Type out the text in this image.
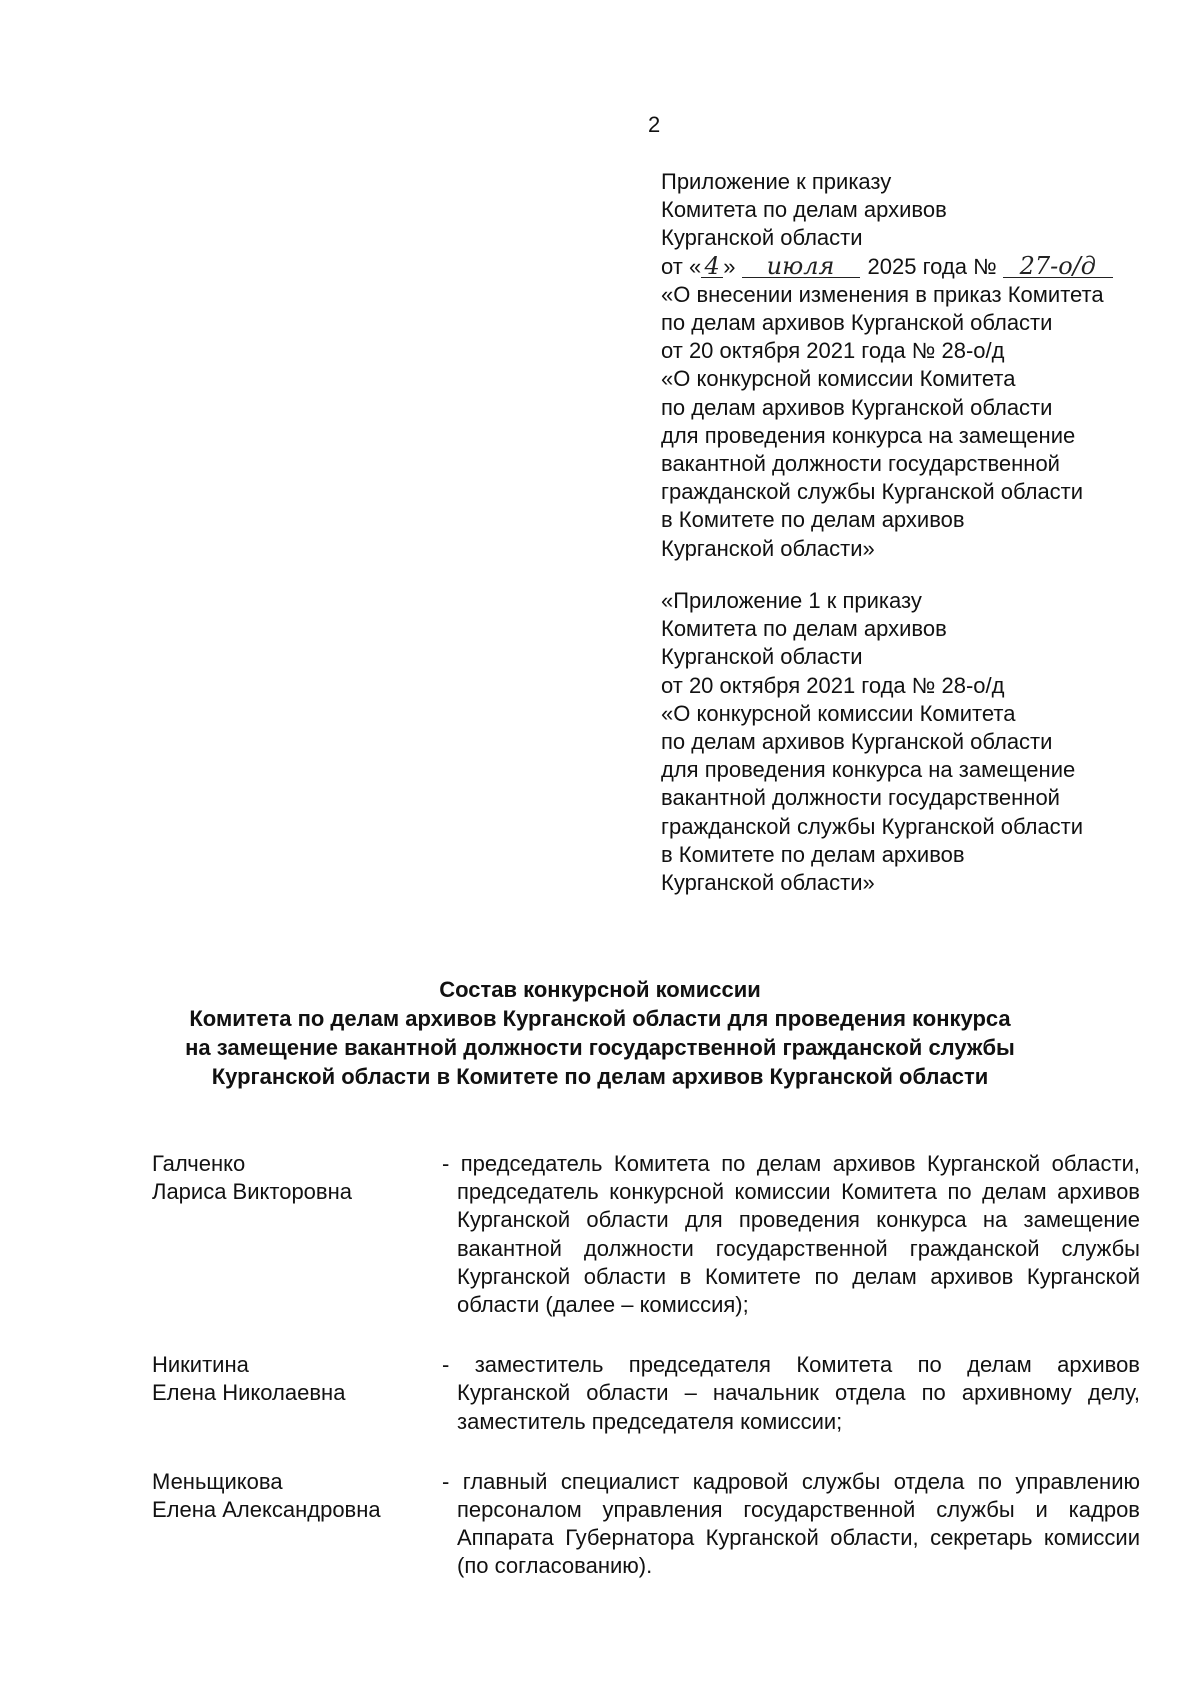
2
Приложение к приказу
Комитета по делам архивов
Курганской области
от « 4 » июля 2025 года № 27-о/д
«О внесении изменения в приказ Комитета
по делам архивов Курганской области
от 20 октября 2021 года № 28-о/д
«О конкурсной комиссии Комитета
по делам архивов Курганской области
для проведения конкурса на замещение
вакантной должности государственной
гражданской службы Курганской области
в Комитете по делам архивов
Курганской области»
«Приложение 1 к приказу
Комитета по делам архивов
Курганской области
от 20 октября 2021 года № 28-о/д
«О конкурсной комиссии Комитета
по делам архивов Курганской области
для проведения конкурса на замещение
вакантной должности государственной
гражданской службы Курганской области
в Комитете по делам архивов
Курганской области»
Состав конкурсной комиссии
Комитета по делам архивов Курганской области для проведения конкурса
на замещение вакантной должности государственной гражданской службы
Курганской области в Комитете по делам архивов Курганской области
Галченко
Лариса Викторовна
- председатель Комитета по делам архивов Курганской области, председатель конкурсной комиссии Комитета по делам архивов Курганской области для проведения конкурса на замещение вакантной должности государственной гражданской службы Курганской области в Комитете по делам архивов Курганской области (далее – комиссия);
Никитина
Елена Николаевна
- заместитель председателя Комитета по делам архивов Курганской области – начальник отдела по архивному делу, заместитель председателя комиссии;
Меньщикова
Елена Александровна
- главный специалист кадровой службы отдела по управлению персоналом управления государственной службы и кадров Аппарата Губернатора Курганской области, секретарь комиссии (по согласованию).
